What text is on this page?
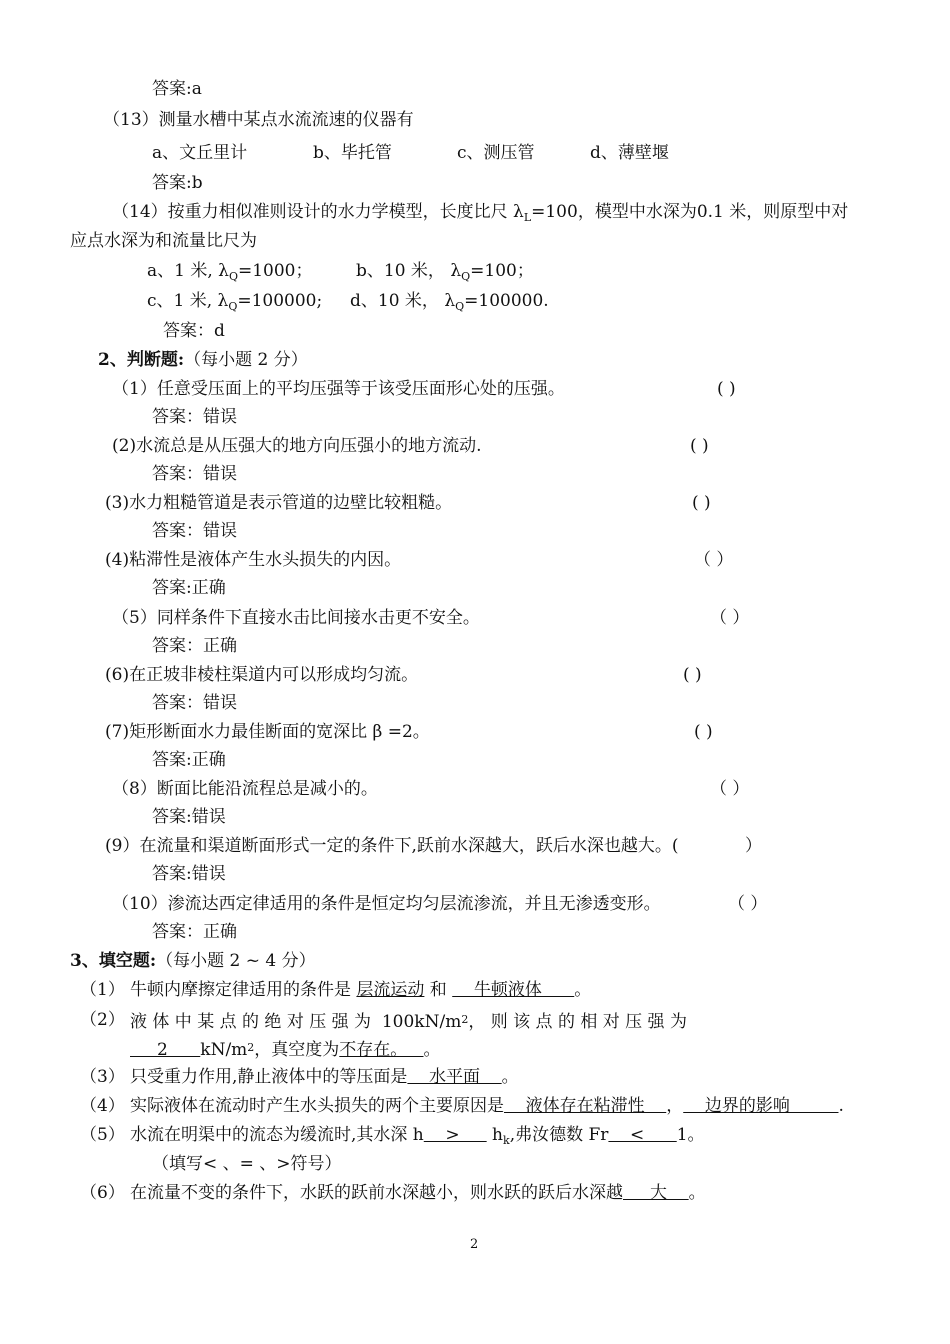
答案:a
（13）测量水槽中某点水流流速的仪器有
a、文丘里计	b、毕托管	c、测压管	d、薄壁堰
答案:b
（14）按重力相似准则设计的水力学模型，长度比尺 $\lambda_L=100$，模型中水深为0.1 米，则原型中对
应点水深为和流量比尺为
a、1 米, $\lambda_Q=1000$；	b、10 米， $\lambda_Q=100$；
c、1 米, $\lambda_Q=100000$; d、10 米， $\lambda_Q=100000$.
答案：d
2、判断题:（每小题 2 分）
（1）任意受压面上的平均压强等于该受压面形心处的压强。	( )
答案：错误
(2)水流总是从压强大的地方向压强小的地方流动.	( )
答案：错误
(3)水力粗糙管道是表示管道的边壁比较粗糙。	( )
答案：错误
(4)粘滞性是液体产生水头损失的内因。	（ ）
答案:正确
（5）同样条件下直接水击比间接水击更不安全。	（ ）
答案：正确
(6)在正坡非棱柱渠道内可以形成均匀流。	( )
答案：错误
(7)矩形断面水力最佳断面的宽深比 β =2。	( )
答案:正确
（8）断面比能沿流程总是减小的。	（ ）
答案:错误
(9）在流量和渠道断面形式一定的条件下,跃前水深越大，跃后水深也越大。(	）
答案:错误
（10）渗流达西定律适用的条件是恒定均匀层流渗流，并且无渗透变形。	（ ）
答案：正确
3、填空题:（每小题 2 ~ 4 分）
（1） 牛顿内摩擦定律适用的条件是 层流运动 和     牛顿液体      。
（2） 液 体 中 某 点 的 绝 对 压 强 为  $100kN/m^2$， 则 该 点 的 相 对 压 强 为
2      $kN/m^2$，真空度为不存在。   。
（3） 只受重力作用,静止液体中的等压面是    水平面    。
（4） 实际液体在流动时产生水头损失的两个主要原因是    液体存在粘滞性    ，    边界的影响         .
（5） 水流在明渠中的流态为缓流时,其水深 h    >      $h_k$,弗汝德数 Fr    <      1。
（填写< 、= 、>符号）
（6） 在流量不变的条件下，水跃的跃前水深越小，则水跃的跃后水深越     大    。
2
